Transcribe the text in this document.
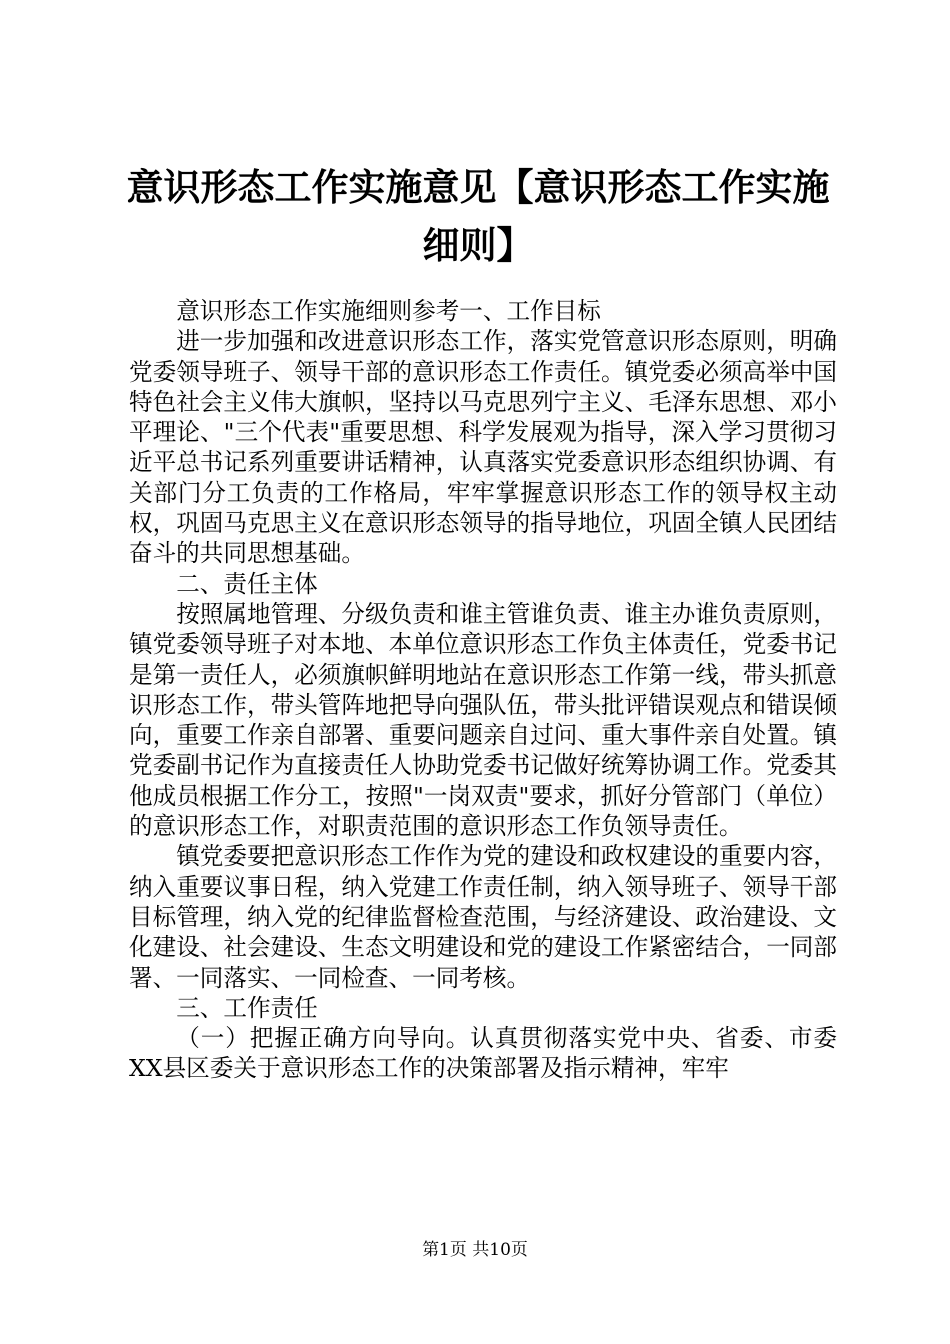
意识形态工作实施意见【意识形态工作实施细则】

意识形态工作实施细则参考一、工作目标

进一步加强和改进意识形态工作，落实党管意识形态原则，明确党委领导班子、领导干部的意识形态工作责任。镇党委必须高举中国特色社会主义伟大旗帜，坚持以马克思列宁主义、毛泽东思想、邓小平理论、"三个代表"重要思想、科学发展观为指导，深入学习贯彻习近平总书记系列重要讲话精神，认真落实党委意识形态组织协调、有关部门分工负责的工作格局，牢牢掌握意识形态工作的领导权主动权，巩固马克思主义在意识形态领导的指导地位，巩固全镇人民团结奋斗的共同思想基础。

二、责任主体

按照属地管理、分级负责和谁主管谁负责、谁主办谁负责原则，镇党委领导班子对本地、本单位意识形态工作负主体责任，党委书记是第一责任人，必须旗帜鲜明地站在意识形态工作第一线，带头抓意识形态工作，带头管阵地把导向强队伍，带头批评错误观点和错误倾向，重要工作亲自部署、重要问题亲自过问、重大事件亲自处置。镇党委副书记作为直接责任人协助党委书记做好统筹协调工作。党委其他成员根据工作分工，按照"一岗双责"要求，抓好分管部门（单位）的意识形态工作，对职责范围的意识形态工作负领导责任。

镇党委要把意识形态工作作为党的建设和政权建设的重要内容，纳入重要议事日程，纳入党建工作责任制，纳入领导班子、领导干部目标管理，纳入党的纪律监督检查范围，与经济建设、政治建设、文化建设、社会建设、生态文明建设和党的建设工作紧密结合，一同部署、一同落实、一同检查、一同考核。

三、工作责任

（一）把握正确方向导向。认真贯彻落实党中央、省委、市委XX县区委关于意识形态工作的决策部署及指示精神，牢牢

第1页 共10页
